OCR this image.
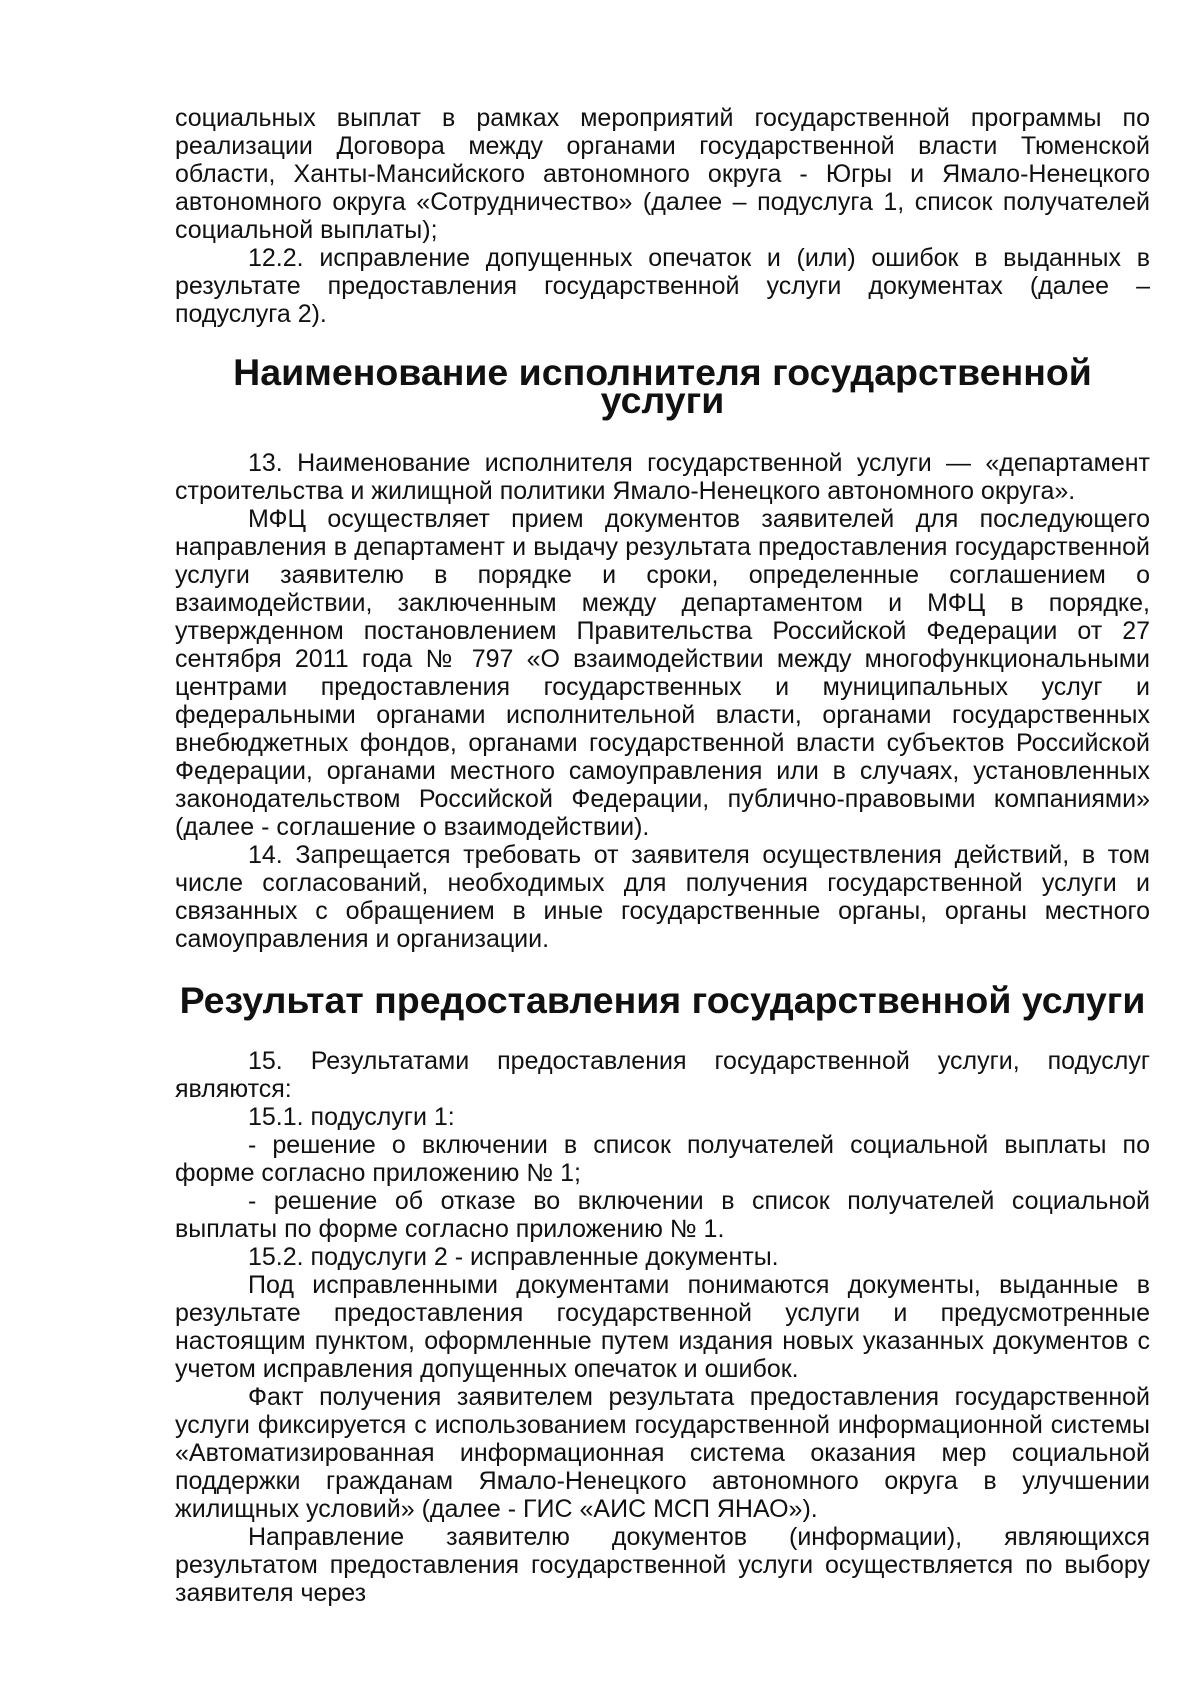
социальных выплат в рамках мероприятий государственной программы по реализации Договора между органами государственной власти Тюменской области, Ханты-Мансийского автономного округа - Югры и Ямало-Ненецкого автономного округа «Сотрудничество» (далее – подуслуга 1, список получателей социальной выплаты);

12.2. исправление допущенных опечаток и (или) ошибок в выданных в результате предоставления государственной услуги документах (далее – подуслуга 2).

Наименование исполнителя государственной услуги

13. Наименование исполнителя государственной услуги — «департамент строительства и жилищной политики Ямало-Ненецкого автономного округа».

МФЦ осуществляет прием документов заявителей для последующего направления в департамент и выдачу результата предоставления государственной услуги заявителю в порядке и сроки, определенные соглашением о взаимодействии, заключенным между департаментом и МФЦ в порядке, утвержденном постановлением Правительства Российской Федерации от 27 сентября 2011 года № 797 «О взаимодействии между многофункциональными центрами предоставления государственных и муниципальных услуг и федеральными органами исполнительной власти, органами государственных внебюджетных фондов, органами государственной власти субъектов Российской Федерации, органами местного самоуправления или в случаях, установленных законодательством Российской Федерации, публично-правовыми компаниями» (далее - соглашение о взаимодействии).

14. Запрещается требовать от заявителя осуществления действий, в том числе согласований, необходимых для получения государственной услуги и связанных с обращением в иные государственные органы, органы местного самоуправления и организации.

Результат предоставления государственной услуги

15. Результатами предоставления государственной услуги, подуслуг являются:

15.1. подуслуги 1:

- решение о включении в список получателей социальной выплаты по форме согласно приложению № 1;

- решение об отказе во включении в список получателей социальной выплаты по форме согласно приложению № 1.

15.2. подуслуги 2 - исправленные документы.

Под исправленными документами понимаются документы, выданные в результате предоставления государственной услуги и предусмотренные настоящим пунктом, оформленные путем издания новых указанных документов с учетом исправления допущенных опечаток и ошибок.

Факт получения заявителем результата предоставления государственной услуги фиксируется с использованием государственной информационной системы «Автоматизированная информационная система оказания мер социальной поддержки гражданам Ямало-Ненецкого автономного округа в улучшении жилищных условий» (далее - ГИС «АИС МСП ЯНАО»).

Направление заявителю документов (информации), являющихся результатом предоставления государственной услуги осуществляется по выбору заявителя через
